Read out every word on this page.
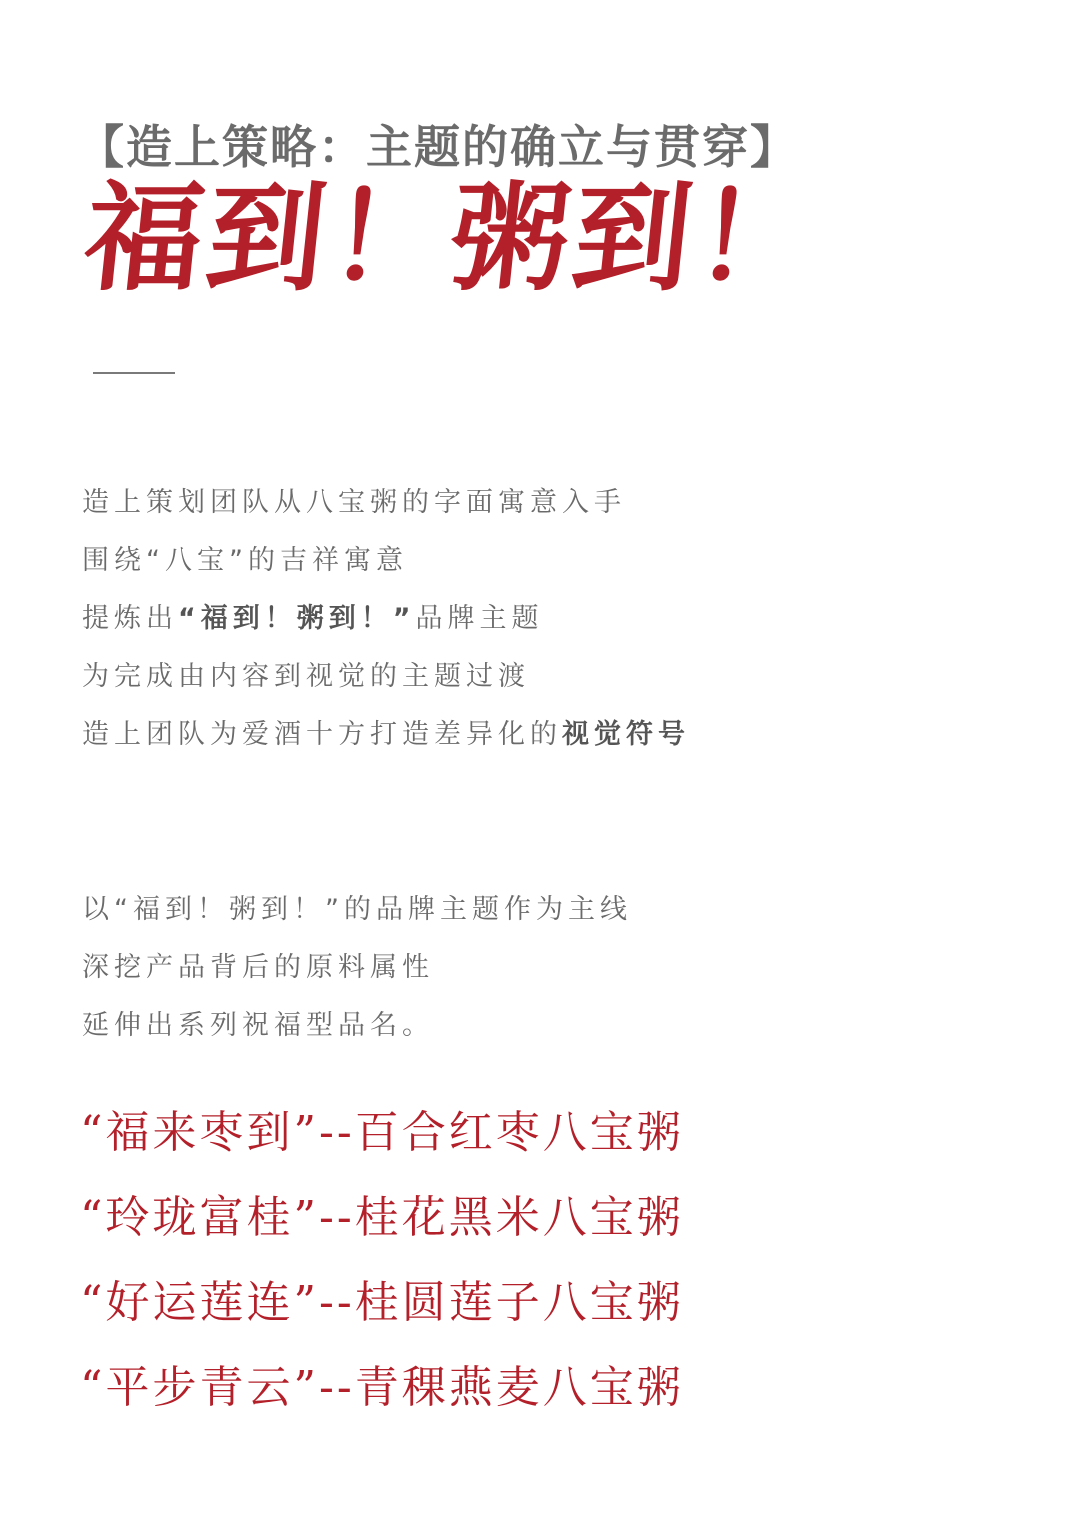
【造上策略：主题的确立与贯穿】
福到！粥到！
造上策划团队从八宝粥的字面寓意入手
围绕“八宝”的吉祥寓意
提炼出“福到！粥到！”品牌主题
为完成由内容到视觉的主题过渡
造上团队为爱酒十方打造差异化的视觉符号
以“福到！粥到！”的品牌主题作为主线
深挖产品背后的原料属性
延伸出系列祝福型品名。
“福来枣到”--百合红枣八宝粥
“玲珑富桂”--桂花黑米八宝粥
“好运莲连”--桂圆莲子八宝粥
“平步青云”--青稞燕麦八宝粥
